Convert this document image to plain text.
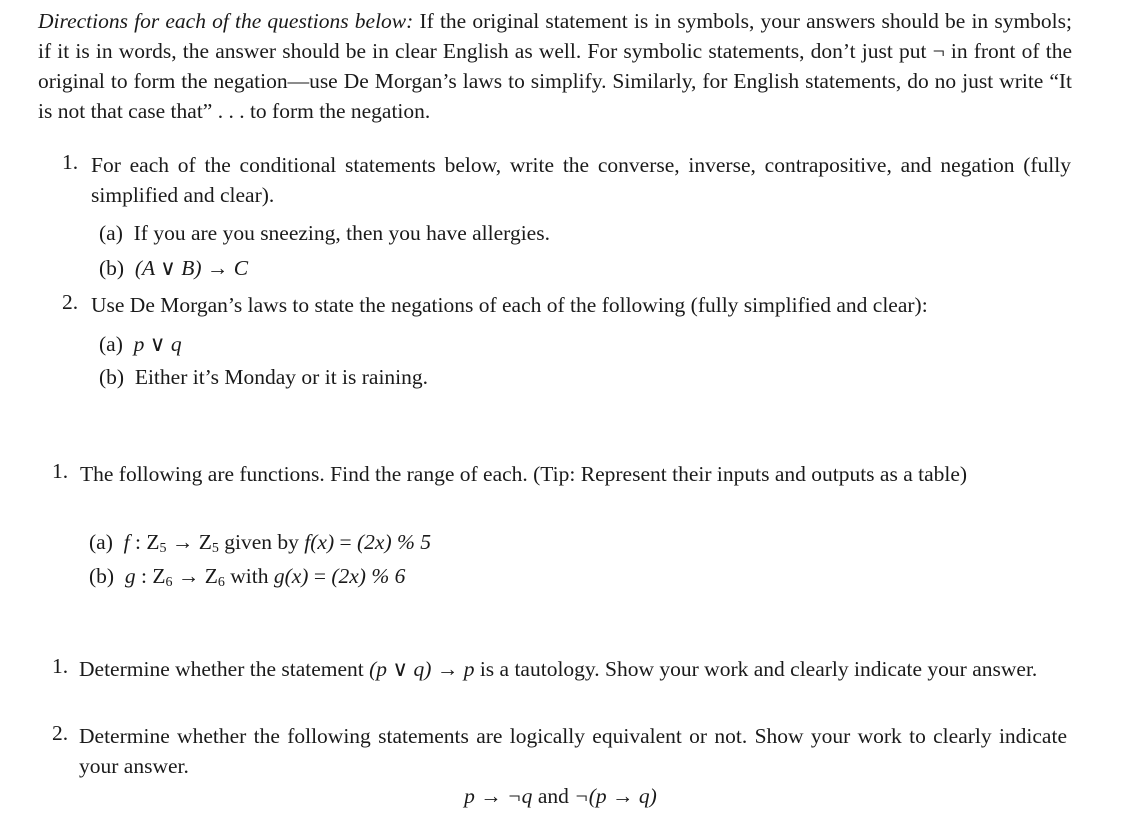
Directions for each of the questions below: If the original statement is in symbols, your answers should be in symbols; if it is in words, the answer should be in clear English as well. For symbolic statements, don’t just put ¬ in front of the original to form the negation—use De Morgan’s laws to simplify. Similarly, for English statements, do no just write “It is not that case that” . . . to form the negation.

1. For each of the conditional statements below, write the converse, inverse, contrapositive, and negation (fully simplified and clear).

(a) If you are you sneezing, then you have allergies.
(b) (A ∨ B) → C
2. Use De Morgan’s laws to state the negations of each of the following (fully simplified and clear):

(a) p ∨ q
(b) Either it’s Monday or it is raining.
1. The following are functions. Find the range of each. (Tip: Represent their inputs and outputs as a table)

(a) f : $Z_5 \to Z_5$ given by f(x) = (2x) % 5
(b) g : $Z_6 \to Z_6$ with g(x) = (2x) % 6
1. Determine whether the statement (p ∨ q) → p is a tautology. Show your work and clearly indicate your answer.

2. Determine whether the following statements are logically equivalent or not. Show your work to clearly indicate your answer.

p → ¬q and ¬(p → q)
